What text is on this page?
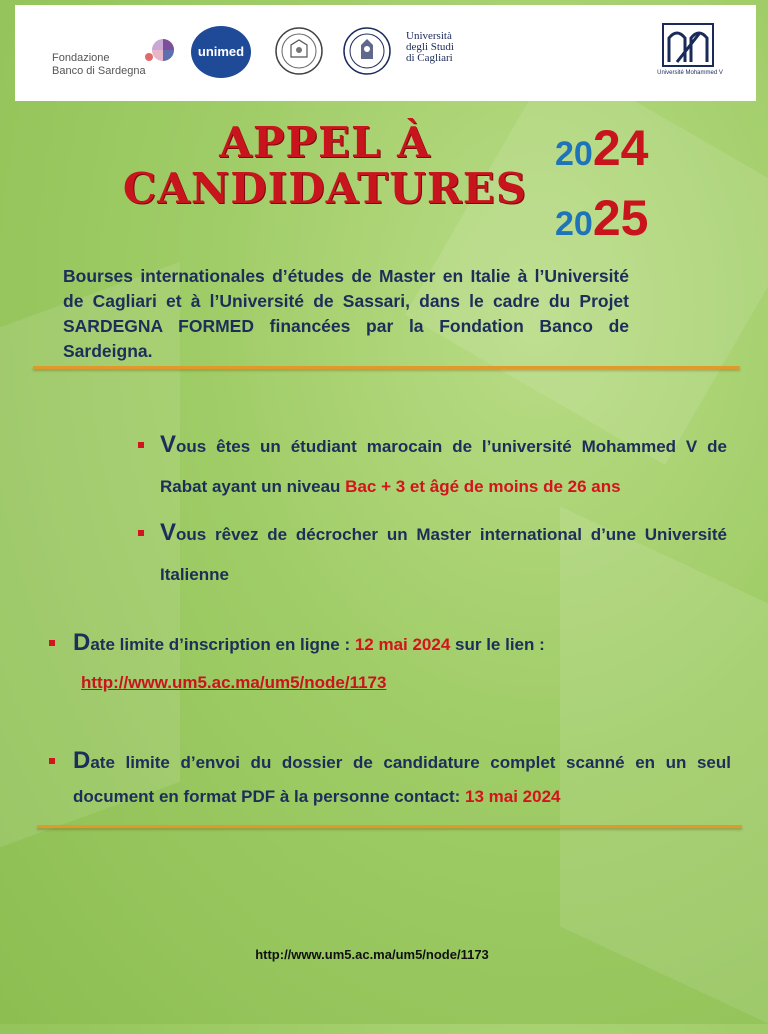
Fondazione
Banco di Sardegna
unimed
Università
degli Studi
di Cagliari
Université Mohammed V
APPEL À
CANDIDATURES
2024
2025
Bourses internationales d’études de Master en Italie à l’Université de Cagliari et à l’Université de Sassari, dans le cadre du Projet SARDEGNA FORMED financées par la Fondation Banco de Sardeigna.
Vous êtes un étudiant marocain de l’université Mohammed V de Rabat ayant un niveau Bac + 3 et âgé de moins de 26 ans
Vous rêvez de décrocher un Master international d’une Université Italienne
Date limite d’inscription en ligne : 12 mai 2024 sur le lien :
http://www.um5.ac.ma/um5/node/1173
Date limite d’envoi du dossier de candidature complet scanné en un seul document en format PDF à la personne contact: 13 mai 2024
http://www.um5.ac.ma/um5/node/1173
